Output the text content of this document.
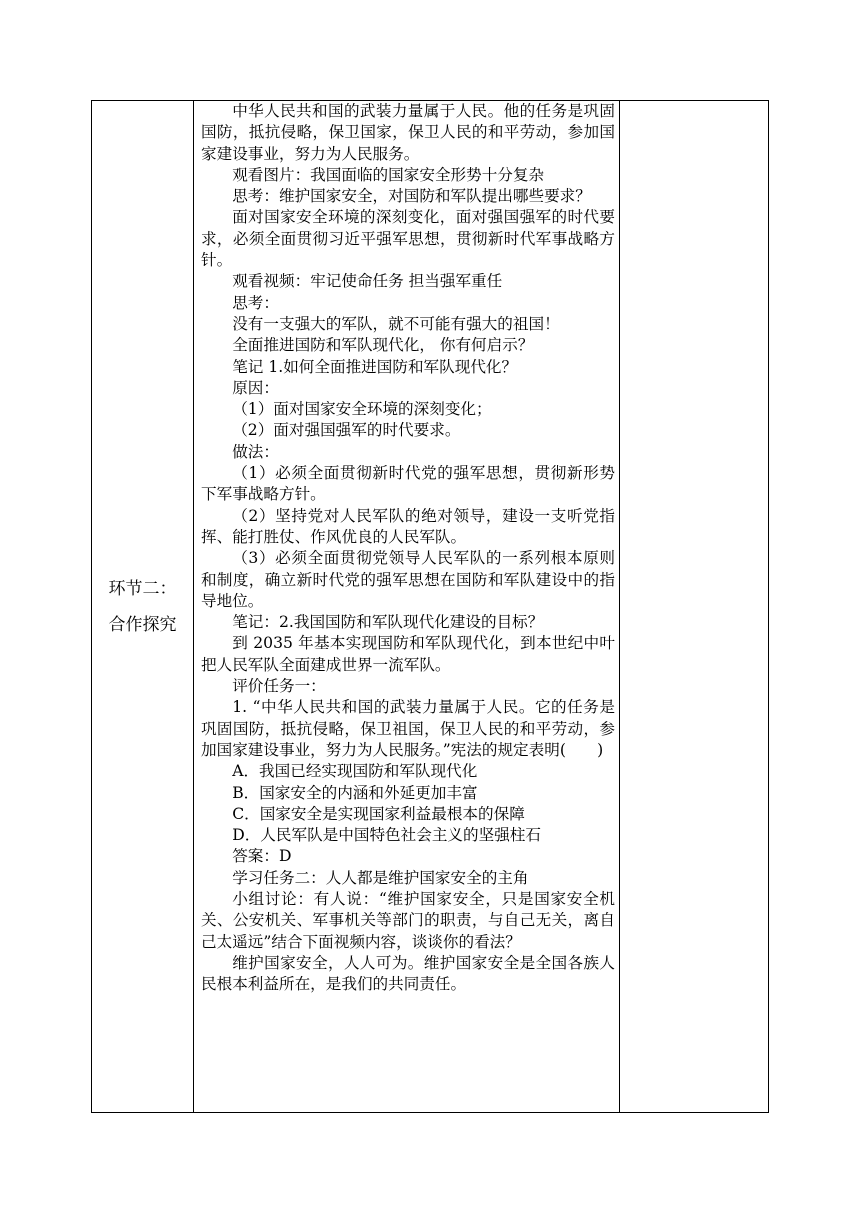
环节二：
合作探究

中华人民共和国的武装力量属于人民。他的任务是巩固国防，抵抗侵略，保卫国家，保卫人民的和平劳动，参加国家建设事业，努力为人民服务。

观看图片：我国面临的国家安全形势十分复杂

思考：维护国家安全，对国防和军队提出哪些要求？

面对国家安全环境的深刻变化，面对强国强军的时代要求，必须全面贯彻习近平强军思想，贯彻新时代军事战略方针。

观看视频：牢记使命任务 担当强军重任

思考：

没有一支强大的军队，就不可能有强大的祖国！

全面推进国防和军队现代化， 你有何启示？

笔记 1.如何全面推进国防和军队现代化？

原因：

（1）面对国家安全环境的深刻变化；

（2）面对强国强军的时代要求。

做法：

（1）必须全面贯彻新时代党的强军思想，贯彻新形势下军事战略方针。

（2）坚持党对人民军队的绝对领导，建设一支听党指挥、能打胜仗、作风优良的人民军队。

（3）必须全面贯彻党领导人民军队的一系列根本原则和制度，确立新时代党的强军思想在国防和军队建设中的指导地位。

笔记：2.我国国防和军队现代化建设的目标？

到 2035 年基本实现国防和军队现代化，到本世纪中叶把人民军队全面建成世界一流军队。

评价任务一：

1. “中华人民共和国的武装力量属于人民。它的任务是巩固国防，抵抗侵略，保卫祖国，保卫人民的和平劳动，参加国家建设事业，努力为人民服务。”宪法的规定表明(　　)

A．我国已经实现国防和军队现代化

B．国家安全的内涵和外延更加丰富

C．国家安全是实现国家利益最根本的保障

D．人民军队是中国特色社会主义的坚强柱石

答案：D

学习任务二：人人都是维护国家安全的主角

小组讨论：有人说：“维护国家安全，只是国家安全机关、公安机关、军事机关等部门的职责，与自己无关，离自己太遥远”结合下面视频内容，谈谈你的看法？

维护国家安全，人人可为。维护国家安全是全国各族人民根本利益所在，是我们的共同责任。
